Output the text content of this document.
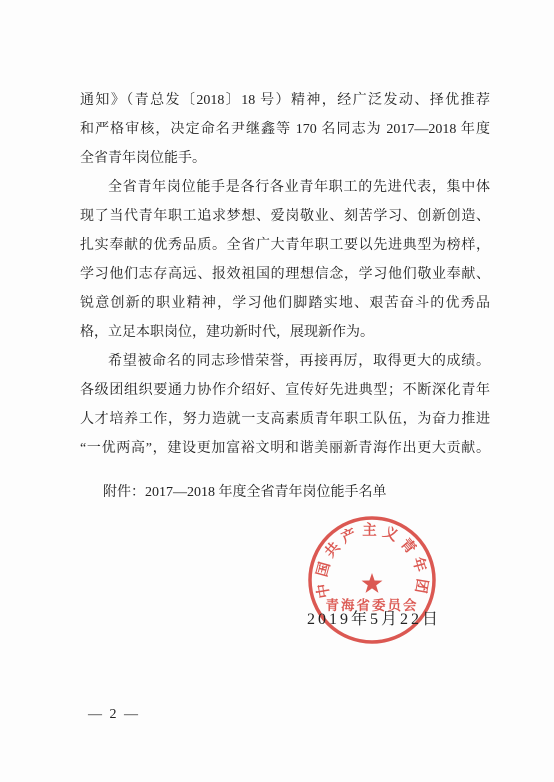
通知》（青总发〔2018〕18 号）精神，经广泛发动、择优推荐
和严格审核，决定命名尹继鑫等 170 名同志为 2017—2018 年度
全省青年岗位能手。
全省青年岗位能手是各行各业青年职工的先进代表，集中体
现了当代青年职工追求梦想、爱岗敬业、刻苦学习、创新创造、
扎实奉献的优秀品质。全省广大青年职工要以先进典型为榜样，
学习他们志存高远、报效祖国的理想信念，学习他们敬业奉献、
锐意创新的职业精神，学习他们脚踏实地、艰苦奋斗的优秀品
格，立足本职岗位，建功新时代，展现新作为。
希望被命名的同志珍惜荣誉，再接再厉，取得更大的成绩。
各级团组织要通力协作介绍好、宣传好先进典型；不断深化青年
人才培养工作，努力造就一支高素质青年职工队伍，为奋力推进
“一优两高”，建设更加富裕文明和谐美丽新青海作出更大贡献。
附件：2017—2018 年度全省青年岗位能手名单
中国共产主义青年团
青海省委员会
2019年5月22日
— 2 —
